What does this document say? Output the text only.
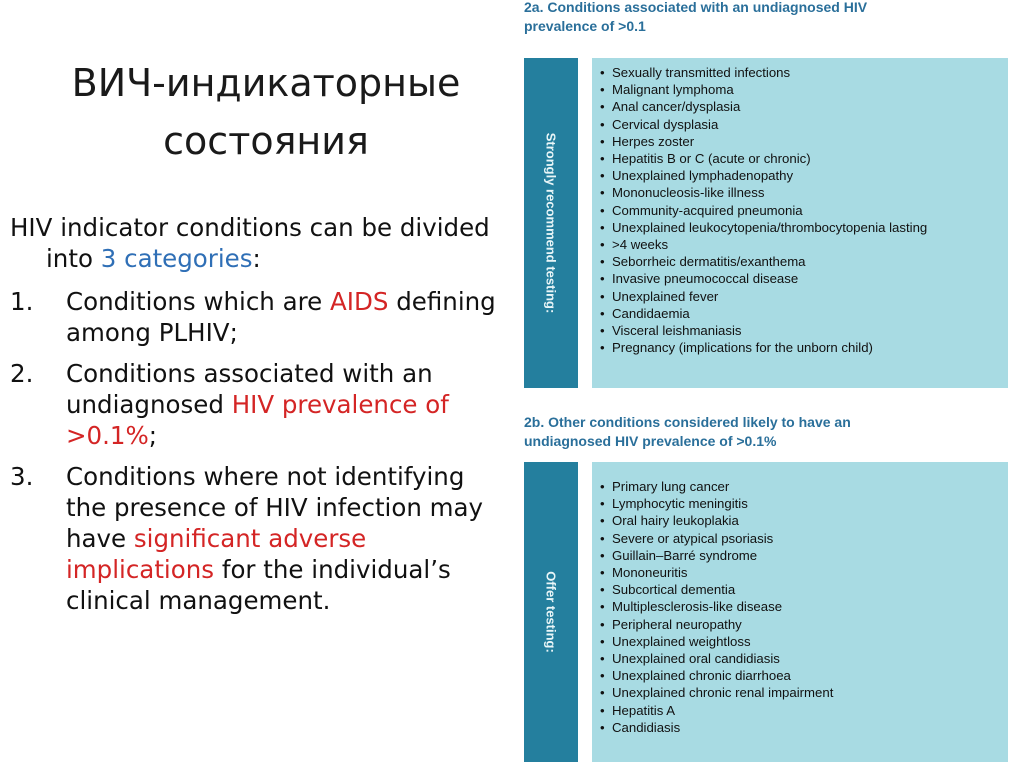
ВИЧ-индикаторные
состояния

HIV indicator conditions can be divided into 3 categories:

1. Conditions which are AIDS defining among PLHIV;
2. Conditions associated with an undiagnosed HIV prevalence of >0.1%;
3. Conditions where not identifying the presence of HIV infection may have significant adverse implications for the individual’s clinical management.

2a. Conditions associated with an undiagnosed HIV
prevalence of >0.1

Strongly recommend testing:
• Sexually transmitted infections
• Malignant lymphoma
• Anal cancer/dysplasia
• Cervical dysplasia
• Herpes zoster
• Hepatitis B or C (acute or chronic)
• Unexplained lymphadenopathy
• Mononucleosis-like illness
• Community-acquired pneumonia
• Unexplained leukocytopenia/thrombocytopenia lasting
• >4 weeks
• Seborrheic dermatitis/exanthema
• Invasive pneumococcal disease
• Unexplained fever
• Candidaemia
• Visceral leishmaniasis
• Pregnancy (implications for the unborn child)

2b. Other conditions considered likely to have an
undiagnosed HIV prevalence of >0.1%

Offer testing:
• Primary lung cancer
• Lymphocytic meningitis
• Oral hairy leukoplakia
• Severe or atypical psoriasis
• Guillain–Barré syndrome
• Mononeuritis
• Subcortical dementia
• Multiplesclerosis-like disease
• Peripheral neuropathy
• Unexplained weightloss
• Unexplained oral candidiasis
• Unexplained chronic diarrhoea
• Unexplained chronic renal impairment
• Hepatitis A
• Candidiasis
